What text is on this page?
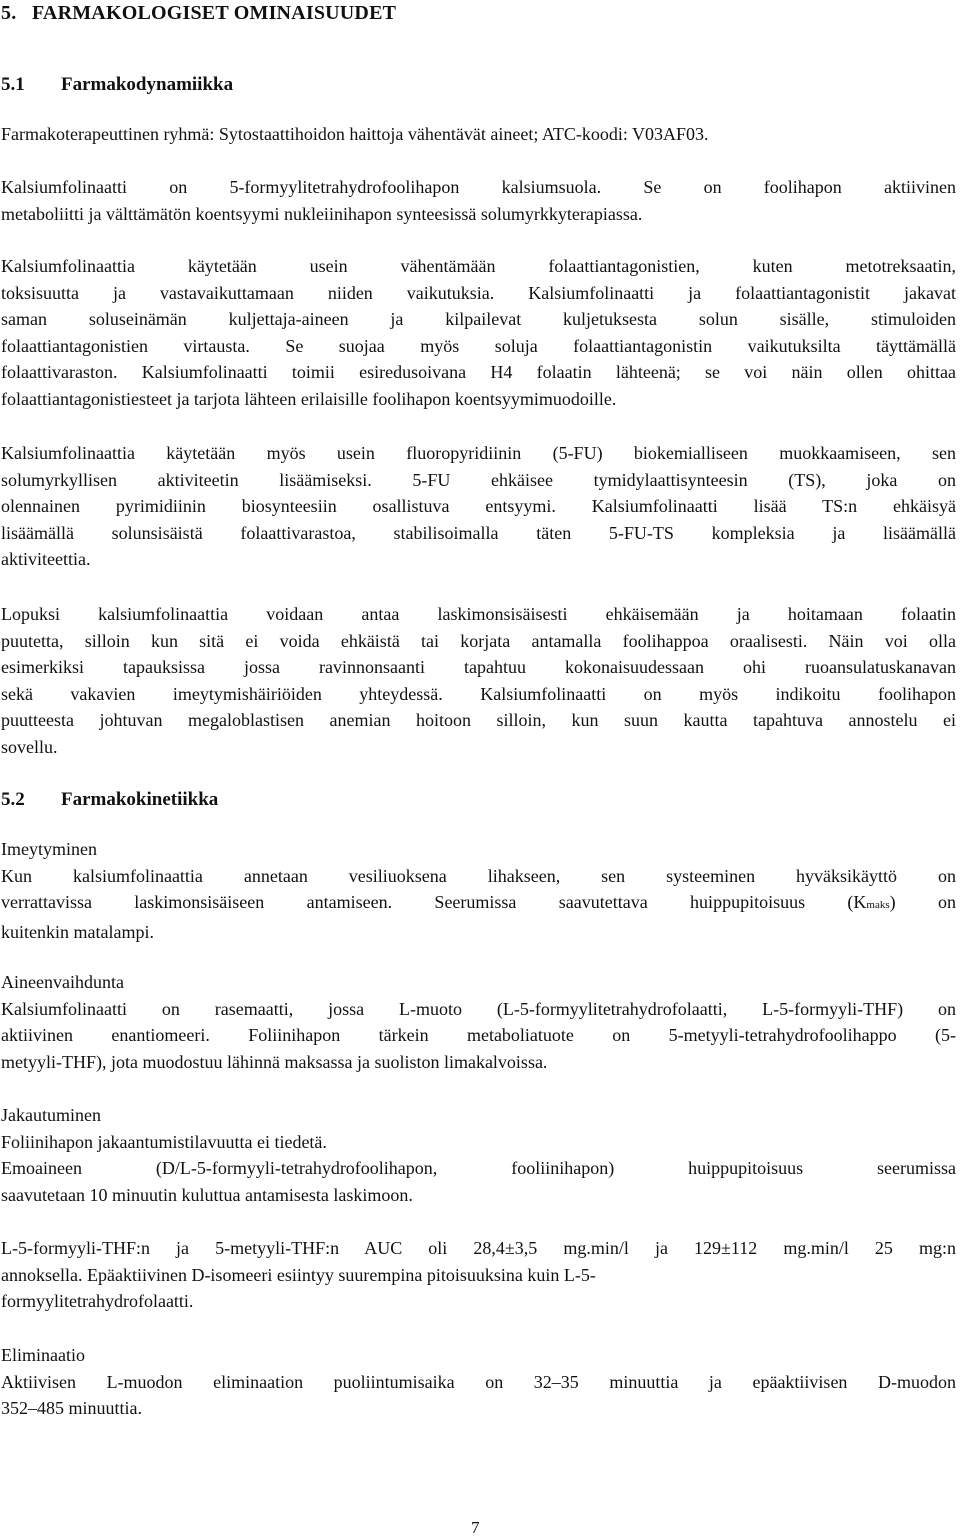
5.   FARMAKOLOGISET OMINAISUUDET
5.1 Farmakodynamiikka

Farmakoterapeuttinen ryhmä: Sytostaattihoidon haittoja vähentävät aineet; ATC-koodi: V03AF03.

Kalsiumfolinaatti on 5-formyylitetrahydrofoolihapon kalsiumsuola. Se on foolihapon aktiivinen
metaboliitti ja välttämätön koentsyymi nukleiinihapon synteesissä solumyrkkyterapiassa.

Kalsiumfolinaattia käytetään usein vähentämään folaattiantagonistien, kuten metotreksaatin,
toksisuutta ja vastavaikuttamaan niiden vaikutuksia. Kalsiumfolinaatti ja folaattiantagonistit jakavat
saman soluseinämän kuljettaja-aineen ja kilpailevat kuljetuksesta solun sisälle, stimuloiden
folaattiantagonistien virtausta. Se suojaa myös soluja folaattiantagonistin vaikutuksilta täyttämällä
folaattivaraston. Kalsiumfolinaatti toimii esiredusoivana H4 folaatin lähteenä; se voi näin ollen ohittaa
folaattiantagonistiesteet ja tarjota lähteen erilaisille foolihapon koentsyymimuodoille.

Kalsiumfolinaattia käytetään myös usein fluoropyridiinin (5-FU) biokemialliseen muokkaamiseen, sen
solumyrkyllisen aktiviteetin lisäämiseksi. 5-FU ehkäisee tymidylaattisynteesin (TS), joka on
olennainen pyrimidiinin biosynteesiin osallistuva entsyymi. Kalsiumfolinaatti lisää TS:n ehkäisyä
lisäämällä solunsisäistä folaattivarastoa, stabilisoimalla täten 5-FU-TS kompleksia ja lisäämällä
aktiviteettia.

Lopuksi kalsiumfolinaattia voidaan antaa laskimonsisäisesti ehkäisemään ja hoitamaan folaatin
puutetta, silloin kun sitä ei voida ehkäistä tai korjata antamalla foolihappoa oraalisesti. Näin voi olla
esimerkiksi tapauksissa jossa ravinnonsaanti tapahtuu kokonaisuudessaan ohi ruoansulatuskanavan
sekä vakavien imeytymishäiriöiden yhteydessä. Kalsiumfolinaatti on myös indikoitu foolihapon
puutteesta johtuvan megaloblastisen anemian hoitoon silloin, kun suun kautta tapahtuva annostelu ei
sovellu.

5.2 Farmakokinetiikka

Imeytyminen
Kun kalsiumfolinaattia annetaan vesiliuoksena lihakseen, sen systeeminen hyväksikäyttö on
verrattavissa laskimonsisäiseen antamiseen. Seerumissa saavutettava huippupitoisuus (Kmaks) on
kuitenkin matalampi.

Aineenvaihdunta
Kalsiumfolinaatti on rasemaatti, jossa L-muoto (L-5-formyylitetrahydrofolaatti, L-5-formyyli-THF) on
aktiivinen enantiomeeri. Foliinihapon tärkein metaboliatuote on 5-metyyli-tetrahydrofoolihappo (5-
metyyli-THF), jota muodostuu lähinnä maksassa ja suoliston limakalvoissa.

Jakautuminen
Foliinihapon jakaantumistilavuutta ei tiedetä.
Emoaineen (D/L-5-formyyli-tetrahydrofoolihapon, fooliinihapon) huippupitoisuus seerumissa
saavutetaan 10 minuutin kuluttua antamisesta laskimoon.

L-5-formyyli-THF:n ja 5-metyyli-THF:n AUC oli 28,4±3,5 mg.min/l ja 129±112 mg.min/l 25 mg:n
annoksella. Epäaktiivinen D-isomeeri esiintyy suurempina pitoisuuksina kuin L-5-
formyylitetrahydrofolaatti.

Eliminaatio
Aktiivisen L-muodon eliminaation puoliintumisaika on 32–35 minuuttia ja epäaktiivisen D-muodon
352–485 minuuttia.

7
